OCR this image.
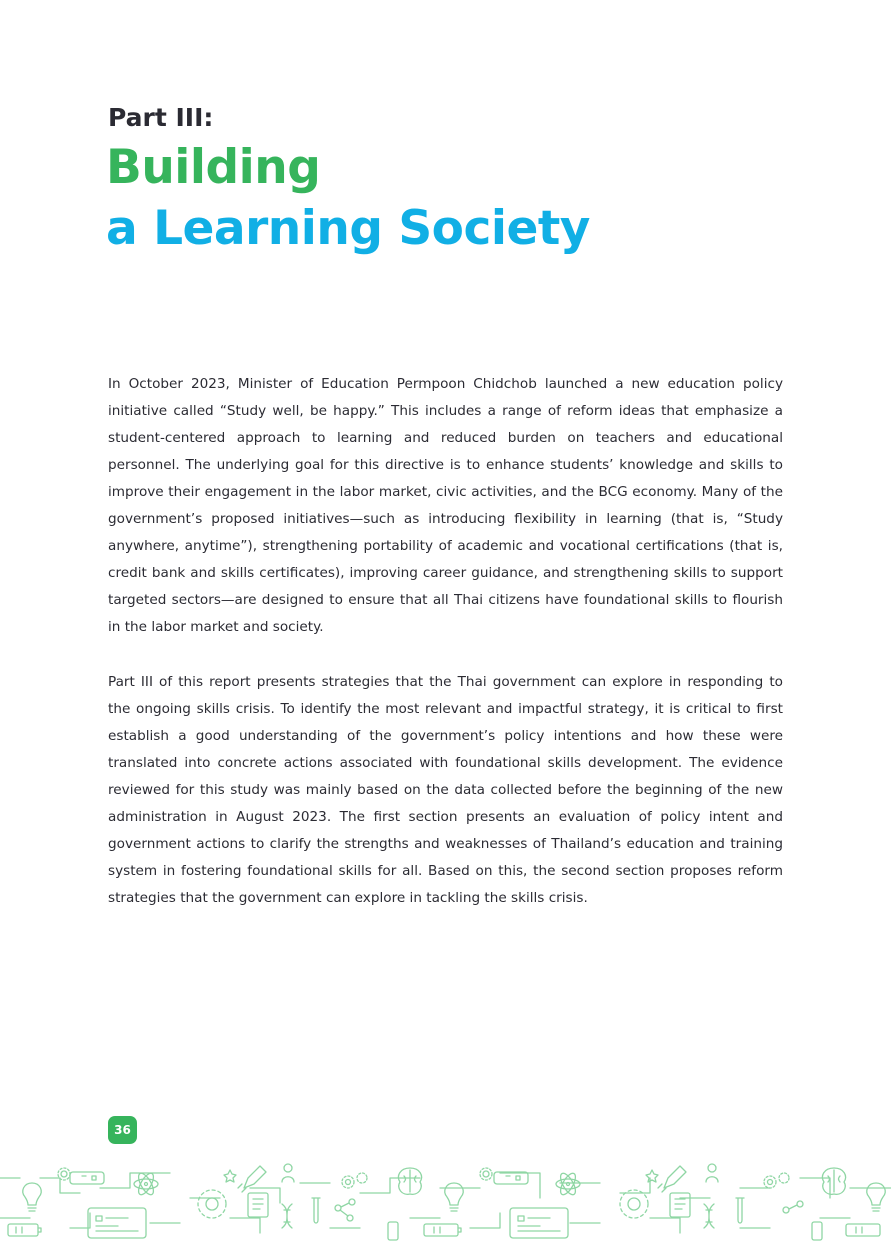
Part III:
Building
a Learning Society

In October 2023, Minister of Education Permpoon Chidchob launched a new education policy initiative called “Study well, be happy.” This includes a range of reform ideas that emphasize a student-centered approach to learning and reduced burden on teachers and educational personnel. The underlying goal for this directive is to enhance students’ knowledge and skills to improve their engagement in the labor market, civic activities, and the BCG economy. Many of the government’s proposed initiatives—such as introducing flexibility in learning (that is, “Study anywhere, anytime”), strengthening portability of academic and vocational certifications (that is, credit bank and skills certificates), improving career guidance, and strengthening skills to support targeted sectors—are designed to ensure that all Thai citizens have foundational skills to flourish in the labor market and society.

Part III of this report presents strategies that the Thai government can explore in responding to the ongoing skills crisis. To identify the most relevant and impactful strategy, it is critical to first establish a good understanding of the government’s policy intentions and how these were translated into concrete actions associated with foundational skills development. The evidence reviewed for this study was mainly based on the data collected before the beginning of the new administration in August 2023. The first section presents an evaluation of policy intent and government actions to clarify the strengths and weaknesses of Thailand’s education and training system in fostering foundational skills for all. Based on this, the second section proposes reform strategies that the government can explore in tackling the skills crisis.

36
